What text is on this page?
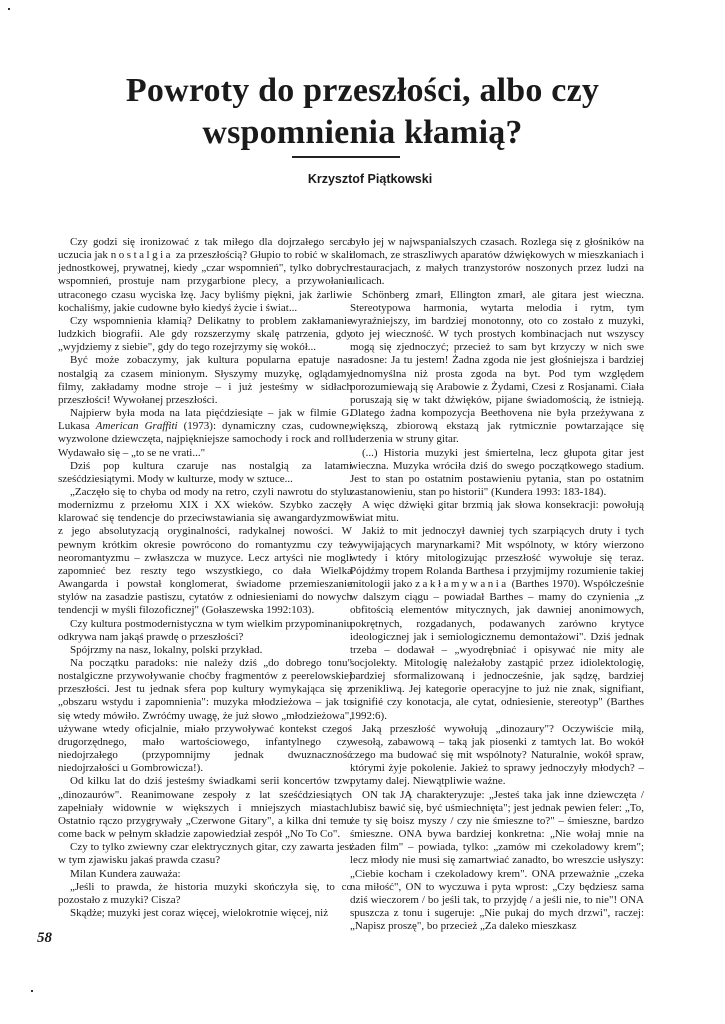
Powroty do przeszłości, albo czy wspomnienia kłamią?
Krzysztof Piątkowski

Czy godzi się ironizować z tak miłego dla dojrzałego serca uczucia jak nostalgia za przeszłością? Głupio to robić w skali jednostkowej, prywatnej, kiedy „czar wspomnień", tylko dobrych wspomnień, prostuje nam przygarbione plecy, a przywołanie utraconego czasu wyciska łzę. Jacy byliśmy piękni, jak żarliwie kochaliśmy, jakie cudowne było kiedyś życie i świat...

Czy wspomnienia kłamią? Delikatny to problem zakłamanie ludzkich biografii. Ale gdy rozszerzymy skalę patrzenia, gdy „wyjdziemy z siebie", gdy do tego rozejrzymy się wokół...

Być może zobaczymy, jak kultura popularna epatuje nas nostalgią za czasem minionym. Słyszymy muzykę, oglądamy filmy, zakładamy modne stroje – i już jesteśmy w sidłach przeszłości! Wywołanej przeszłości.

Najpierw była moda na lata pięćdziesiąte – jak w filmie G. Lukasa American Graffiti (1973): dynamiczny czas, cudowne, wyzwolone dziewczęta, najpiękniejsze samochody i rock and roll! Wydawało się – „to se ne vrati..."

Dziś pop kultura czaruje nas nostalgią za latami sześćdziesiątymi. Mody w kulturze, mody w sztuce...

„Zaczęło się to chyba od mody na retro, czyli nawrotu do stylu modernizmu z przełomu XIX i XX wieków. Szybko zaczęły klarować się tendencje do przeciwstawiania się awangardyzmowi z jego absolutyzacją oryginalności, radykalnej nowości. W pewnym krótkim okresie powrócono do romantyzmu czy też neoromantyzmu – zwłaszcza w muzyce. Lecz artyści nie mogli zapomnieć bez reszty tego wszystkiego, co dała Wielka Awangarda i powstał konglomerat, świadome przemieszanie stylów na zasadzie pastiszu, cytatów z odniesieniami do nowych tendencji w myśli filozoficznej" (Gołaszewska 1992:103).

Czy kultura postmodernistyczna w tym wielkim przypominaniu odkrywa nam jakąś prawdę o przeszłości?

Spójrzmy na nasz, lokalny, polski przykład.

Na początku paradoks: nie należy dziś „do dobrego tonu" nostalgiczne przywoływanie choćby fragmentów z peerelowskiej przeszłości. Jest tu jednak sfera pop kultury wymykająca się z „obszaru wstydu i zapomnienia": muzyka młodzieżowa – jak to się wtedy mówiło. Zwróćmy uwagę, że już słowo „młodzieżowa", używane wtedy oficjalnie, miało przywoływać kontekst czegoś drugorzędnego, mało wartościowego, infantylnego czy niedojrzałego (przypomnijmy jednak dwuznaczność niedojrzałości u Gombrowicza!).

Od kilku lat do dziś jesteśmy świadkami serii koncertów tzw. „dinozaurów". Reanimowane zespoły z lat sześćdziesiątych zapełniały widownie w większych i mniejszych miastach. Ostatnio rączo przygrywały „Czerwone Gitary", a kilka dni temu come back w pełnym składzie zapowiedział zespół „No To Co".

Czy to tylko zwiewny czar elektrycznych gitar, czy zawarta jest w tym zjawisku jakaś prawda czasu?

Milan Kundera zauważa:

„Jeśli to prawda, że historia muzyki skończyła się, to co pozostało z muzyki? Cisza?

Skądże; muzyki jest coraz więcej, wielokrotnie więcej, niż

było jej w najwspanialszych czasach. Rozlega się z głośników na domach, ze straszliwych aparatów dźwiękowych w mieszkaniach i restauracjach, z małych tranzystorów noszonych przez ludzi na ulicach.

Schönberg zmarł, Ellington zmarł, ale gitara jest wieczna. Stereotypowa harmonia, wytarta melodia i rytm, tym wyraźniejszy, im bardziej monotonny, oto co zostało z muzyki, oto jej wieczność. W tych prostych kombinacjach nut wszyscy mogą się zjednoczyć; przecież to sam byt krzyczy w nich swe radosne: Ja tu jestem! Żadna zgoda nie jest głośniejsza i bardziej jednomyślna niż prosta zgoda na byt. Pod tym względem porozumiewają się Arabowie z Żydami, Czesi z Rosjanami. Ciała poruszają się w takt dźwięków, pijane świadomością, że istnieją. Dlatego żadna kompozycja Beethovena nie była przeżywana z większą, zbiorową ekstazą jak rytmicznie powtarzające się uderzenia w struny gitar.

(...) Historia muzyki jest śmiertelna, lecz głupota gitar jest wieczna. Muzyka wróciła dziś do swego początkowego stadium. Jest to stan po ostatnim postawieniu pytania, stan po ostatnim zastanowieniu, stan po historii" (Kundera 1993: 183-184).

A więc dźwięki gitar brzmią jak słowa konsekracji: powołują świat mitu.

Jakiż to mit jednoczył dawniej tych szarpiących druty i tych wywijających marynarkami? Mit wspólnoty, w który wierzono wtedy i który mitologizując przeszłość wywołuje się teraz. Pójdźmy tropem Rolanda Barthesa i przyjmijmy rozumienie takiej mitologii jako zakłamywania (Barthes 1970). Współcześnie w dalszym ciągu – powiadał Barthes – mamy do czynienia „z obfitością elementów mitycznych, jak dawniej anonimowych, pokrętnych, rozgadanych, podawanych zarówno krytyce ideologicznej jak i semiologicznemu demontażowi". Dziś jednak trzeba – dodawał – „wyodrębniać i opisywać nie mity ale socjolekty. Mitologię należałoby zastąpić przez idiolektologię, bardziej sformalizowaną i jednocześnie, jak sądzę, bardziej przenikliwą. Jej kategorie operacyjne to już nie znak, signifiant, signifié czy konotacja, ale cytat, odniesienie, stereotyp" (Barthes 1992:6).

Jaką przeszłość wywołują „dinozaury"? Oczywiście miłą, wesołą, zabawową – taką jak piosenki z tamtych lat. Bo wokół czego ma budować się mit wspólnoty? Naturalnie, wokół spraw, którymi żyje pokolenie. Jakież to sprawy jednoczyły młodych? – pytamy dalej. Niewątpliwie ważne.

ON tak JĄ charakteryzuje: „Jesteś taka jak inne dziewczęta / lubisz bawić się, być uśmiechnięta"; jest jednak pewien feler: „To, że ty się boisz myszy / czy nie śmieszne to?" – śmieszne, bardzo śmieszne. ONA bywa bardziej konkretna: „Nie wołaj mnie na żaden film" – powiada, tylko: „zamów mi czekoladowy krem"; lecz młody nie musi się zamartwiać zanadto, bo wreszcie usłyszy: „Ciebie kocham i czekoladowy krem". ONA przeważnie „czeka na miłość", ON to wyczuwa i pyta wprost: „Czy będziesz sama dziś wieczorem / bo jeśli tak, to przyjdę / a jeśli nie, to nie"! ONA spuszcza z tonu i sugeruje: „Nie pukaj do mych drzwi", raczej: „Napisz proszę", bo przecież „Za daleko mieszkasz

58
